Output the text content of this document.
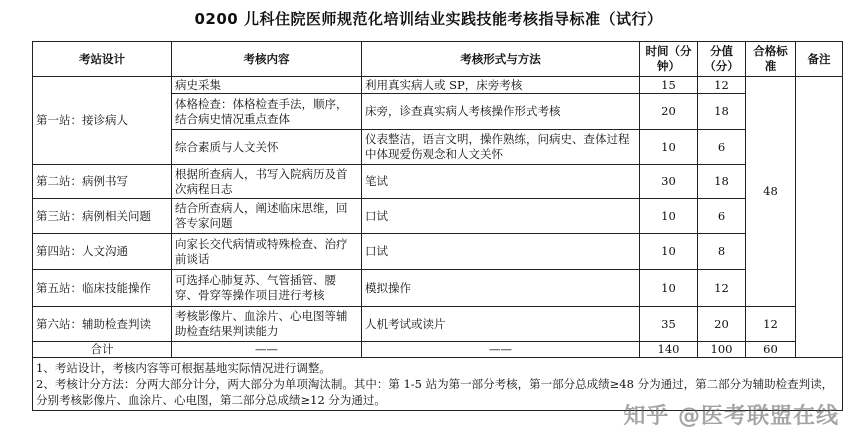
0200 儿科住院医师规范化培训结业实践技能考核指导标准（试行）
考站设计	考核内容	考核形式与方法	时间（分钟）	分值（分）	合格标准	备注
第一站：接诊病人	病史采集	利用真实病人或 SP，床旁考核	15	12	48	
	体格检查：体格检查手法，顺序，结合病史情况重点查体	床旁，诊查真实病人考核操作形式考核	20	18		
	综合素质与人文关怀	仪表整洁，语言文明，操作熟练，问病史、查体过程中体现爱伤观念和人文关怀	10	6		
第二站：病例书写	根据所查病人，书写入院病历及首次病程日志	笔试	30	18		
第三站：病例相关问题	结合所查病人，阐述临床思维，回答专家问题	口试	10	6		
第四站：人文沟通	向家长交代病情或特殊检查、治疗前谈话	口试	10	8		
第五站：临床技能操作	可选择心肺复苏、气管插管、腰穿、骨穿等操作项目进行考核	模拟操作	10	12		
第六站：辅助检查判读	考核影像片、血涂片、心电图等辅助检查结果判读能力	人机考试或读片	35	20	12	
合计	——	——	140	100	60	

1、考站设计，考核内容等可根据基地实际情况进行调整。
2、考核计分方法：分两大部分计分，两大部分为单项淘汰制。其中：第 1-5 站为第一部分考核，第一部分总成绩≥48 分为通过，第二部分为辅助检查判读，分别考核影像片、血涂片、心电图，第二部分总成绩≥12 分为通过。						
知乎 @医考联盟在线
